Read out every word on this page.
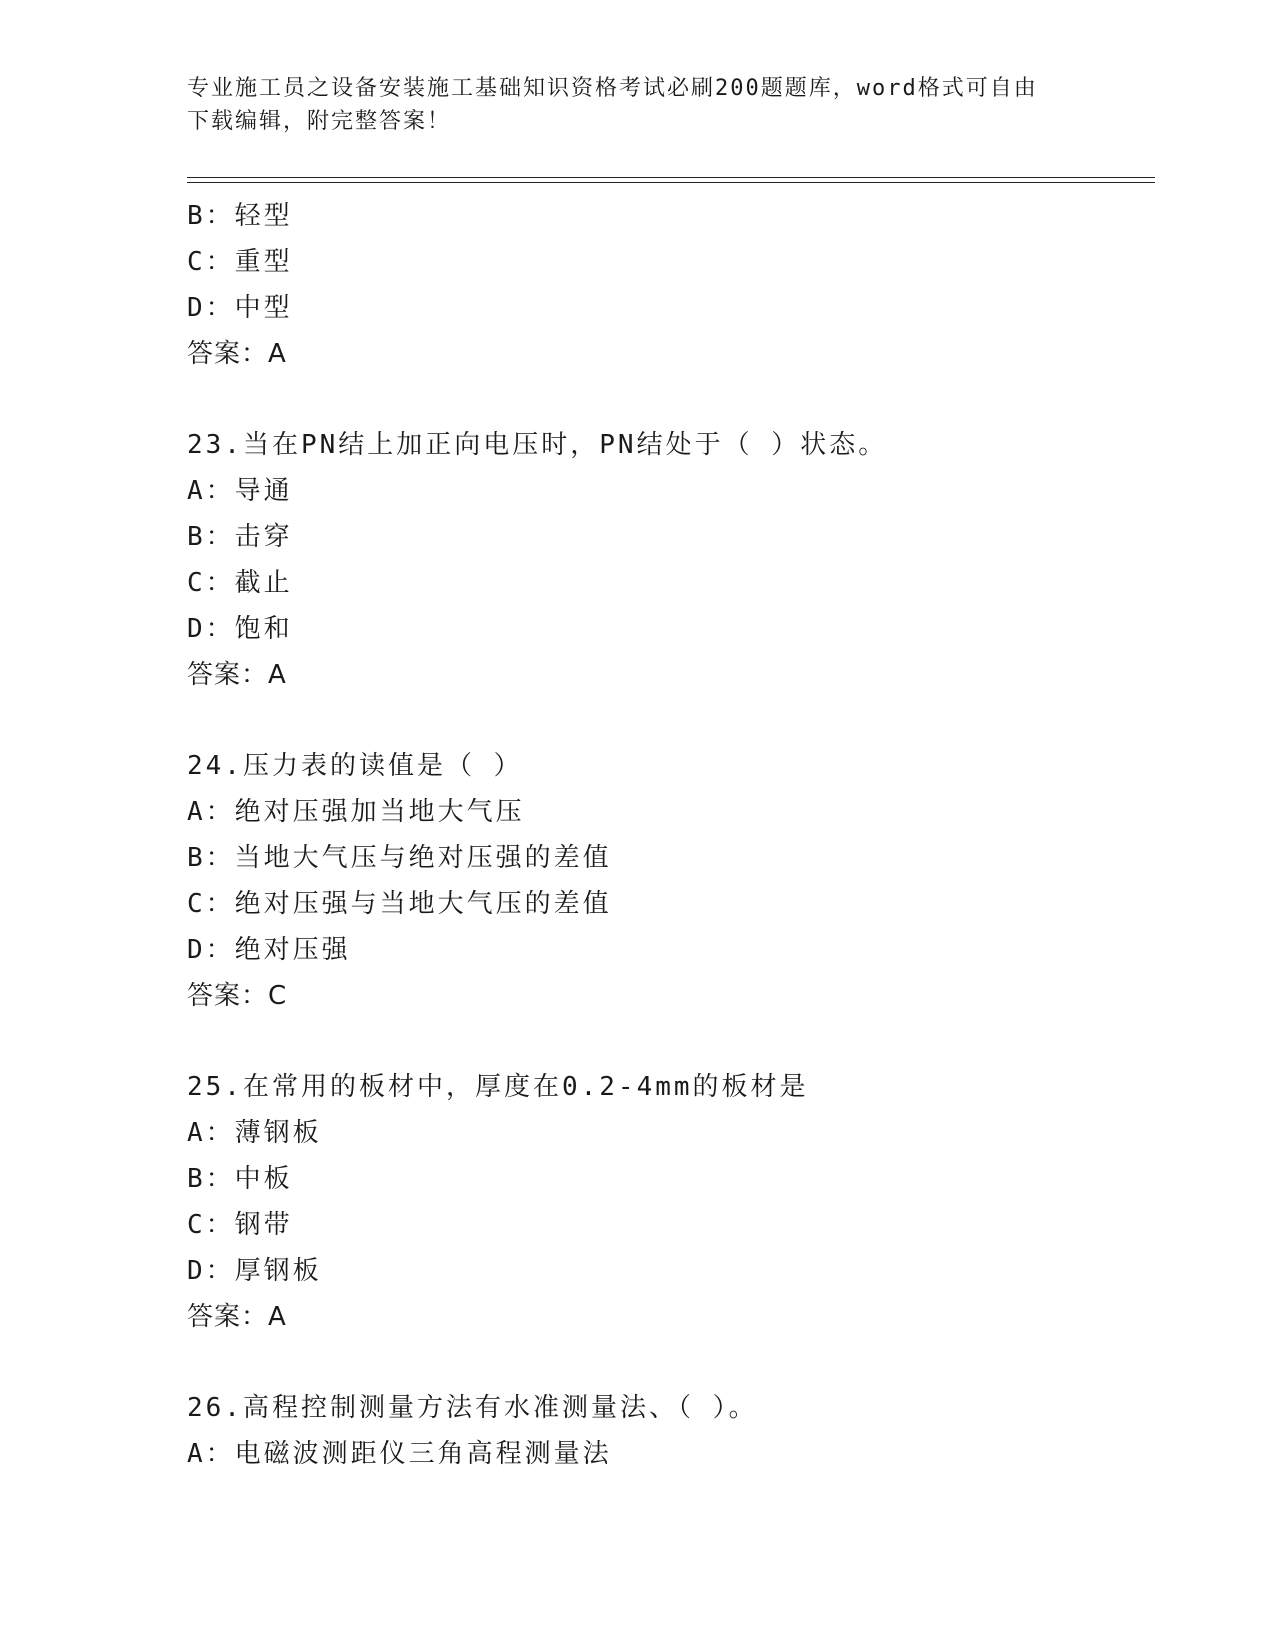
专业施工员之设备安装施工基础知识资格考试必刷200题题库，word格式可自由
下载编辑，附完整答案！
B：轻型
C：重型
D：中型
答案：A
23.当在PN结上加正向电压时，PN结处于（ ）状态。
A：导通
B：击穿
C：截止
D：饱和
答案：A
24.压力表的读值是（ ）
A：绝对压强加当地大气压
B：当地大气压与绝对压强的差值
C：绝对压强与当地大气压的差值
D：绝对压强
答案：C
25.在常用的板材中，厚度在0.2-4mm的板材是
A：薄钢板
B：中板
C：钢带
D：厚钢板
答案：A
26.高程控制测量方法有水准测量法、（ ）。
A：电磁波测距仪三角高程测量法
